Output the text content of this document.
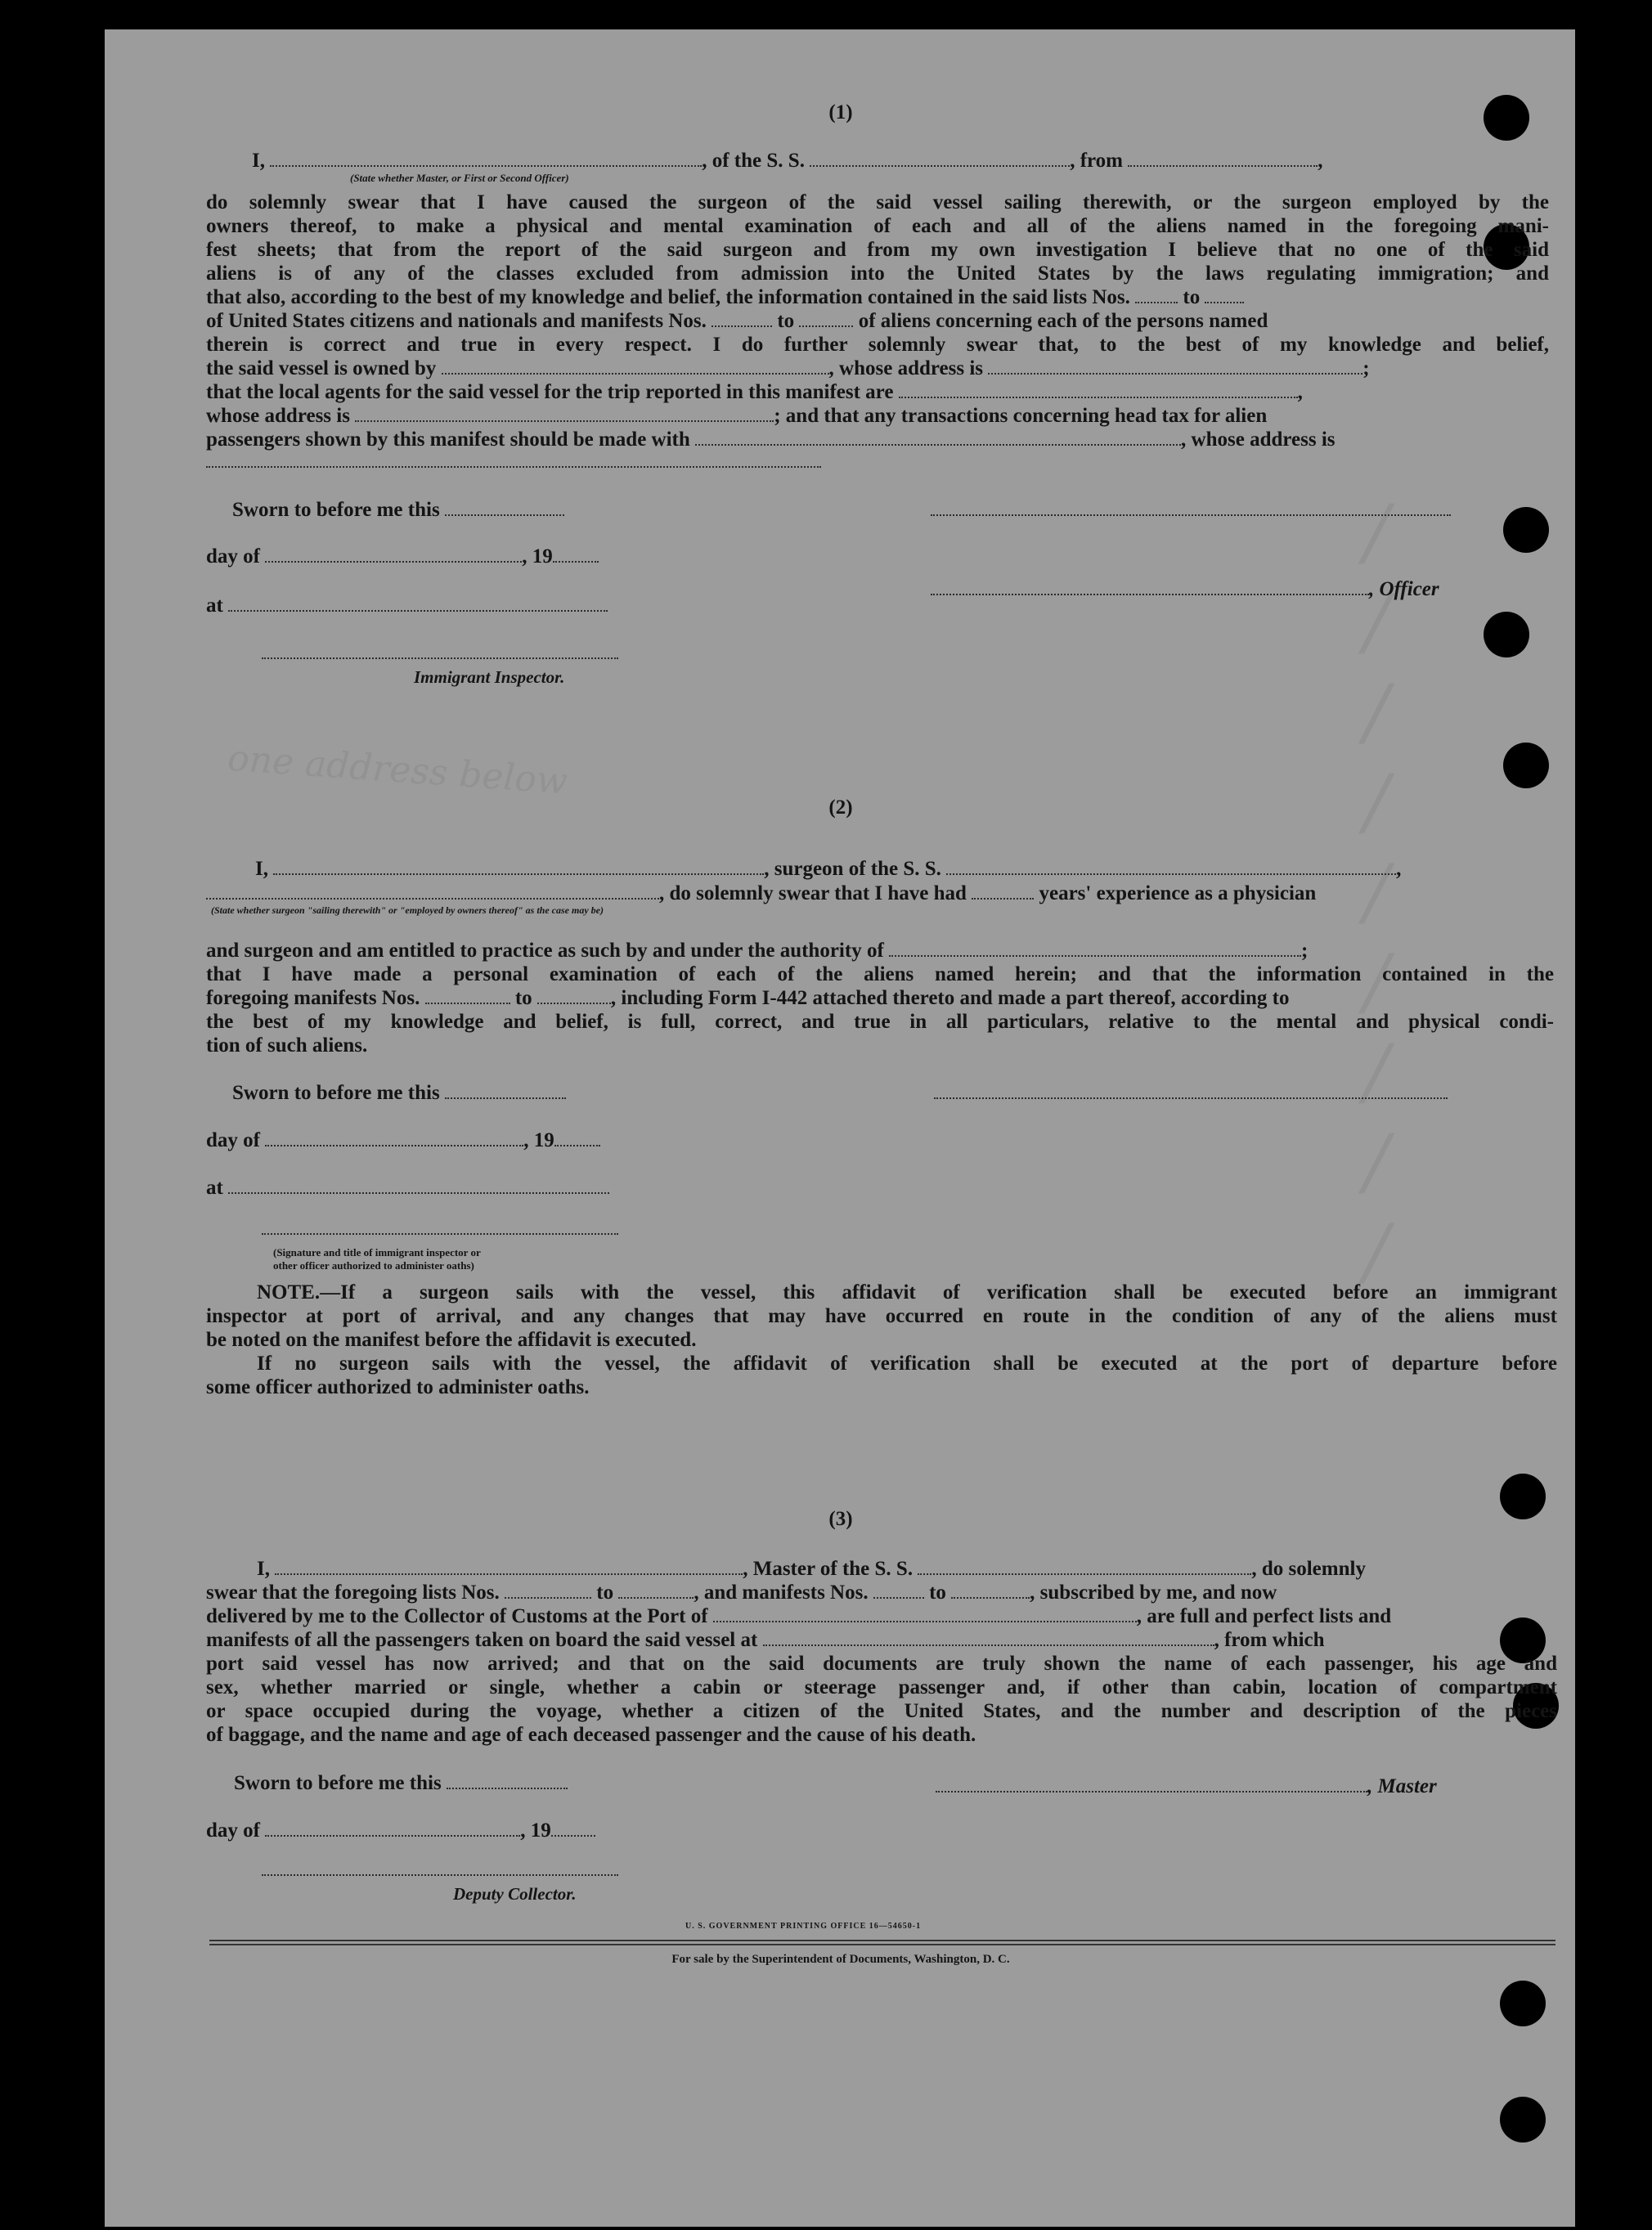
one address below
/
/
/
/
/
/
/
/
/
(1)
I,	, of the S. S.	, from	,
(State whether Master, or First or Second Officer)
do solemnly swear that I have caused the surgeon of the said vessel sailing therewith, or the surgeon employed by the
owners thereof, to make a physical and mental examination of each and all of the aliens named in the foregoing mani-
fest sheets; that from the report of the said surgeon and from my own investigation I believe that no one of the said
aliens is of any of the classes excluded from admission into the United States by the laws regulating immigration; and
that also, according to the best of my knowledge and belief, the information contained in the said lists Nos.	to
of United States citizens and nationals and manifests Nos.	to	of aliens concerning each of the persons named
therein is correct and true in every respect. I do further solemnly swear that, to the best of my knowledge and belief,
the said vessel is owned by	, whose address is	;
that the local agents for the said vessel for the trip reported in this manifest are	,
whose address is	; and that any transactions concerning head tax for alien
passengers shown by this manifest should be made with	, whose address is
Sworn to before me this
day of	, 19
, Officer
at
Immigrant Inspector.
(2)
I,	, surgeon of the S. S.	,
, do solemnly swear that I have had	years' experience as a physician
(State whether surgeon "sailing therewith" or "employed by owners thereof" as the case may be)
and surgeon and am entitled to practice as such by and under the authority of	;
that I have made a personal examination of each of the aliens named herein; and that the information contained in the
foregoing manifests Nos.	to	, including Form I-442 attached thereto and made a part thereof, according to
the best of my knowledge and belief, is full, correct, and true in all particulars, relative to the mental and physical condi-
tion of such aliens.
Sworn to before me this
day of	, 19
at
(Signature and title of immigrant inspector or
other officer authorized to administer oaths)
NOTE.—If a surgeon sails with the vessel, this affidavit of verification shall be executed before an immigrant
inspector at port of arrival, and any changes that may have occurred en route in the condition of any of the aliens must
be noted on the manifest before the affidavit is executed.
If no surgeon sails with the vessel, the affidavit of verification shall be executed at the port of departure before
some officer authorized to administer oaths.
(3)
I,	, Master of the S. S.	, do solemnly
swear that the foregoing lists Nos.	to	, and manifests Nos.	to	, subscribed by me, and now
delivered by me to the Collector of Customs at the Port of	, are full and perfect lists and
manifests of all the passengers taken on board the said vessel at	, from which
port said vessel has now arrived; and that on the said documents are truly shown the name of each passenger, his age and
sex, whether married or single, whether a cabin or steerage passenger and, if other than cabin, location of compartment
or space occupied during the voyage, whether a citizen of the United States, and the number and description of the pieces
of baggage, and the name and age of each deceased passenger and the cause of his death.
Sworn to before me this	, Master
day of	, 19
Deputy Collector.
U. S. GOVERNMENT PRINTING OFFICE 16—54650-1
For sale by the Superintendent of Documents, Washington, D. C.
